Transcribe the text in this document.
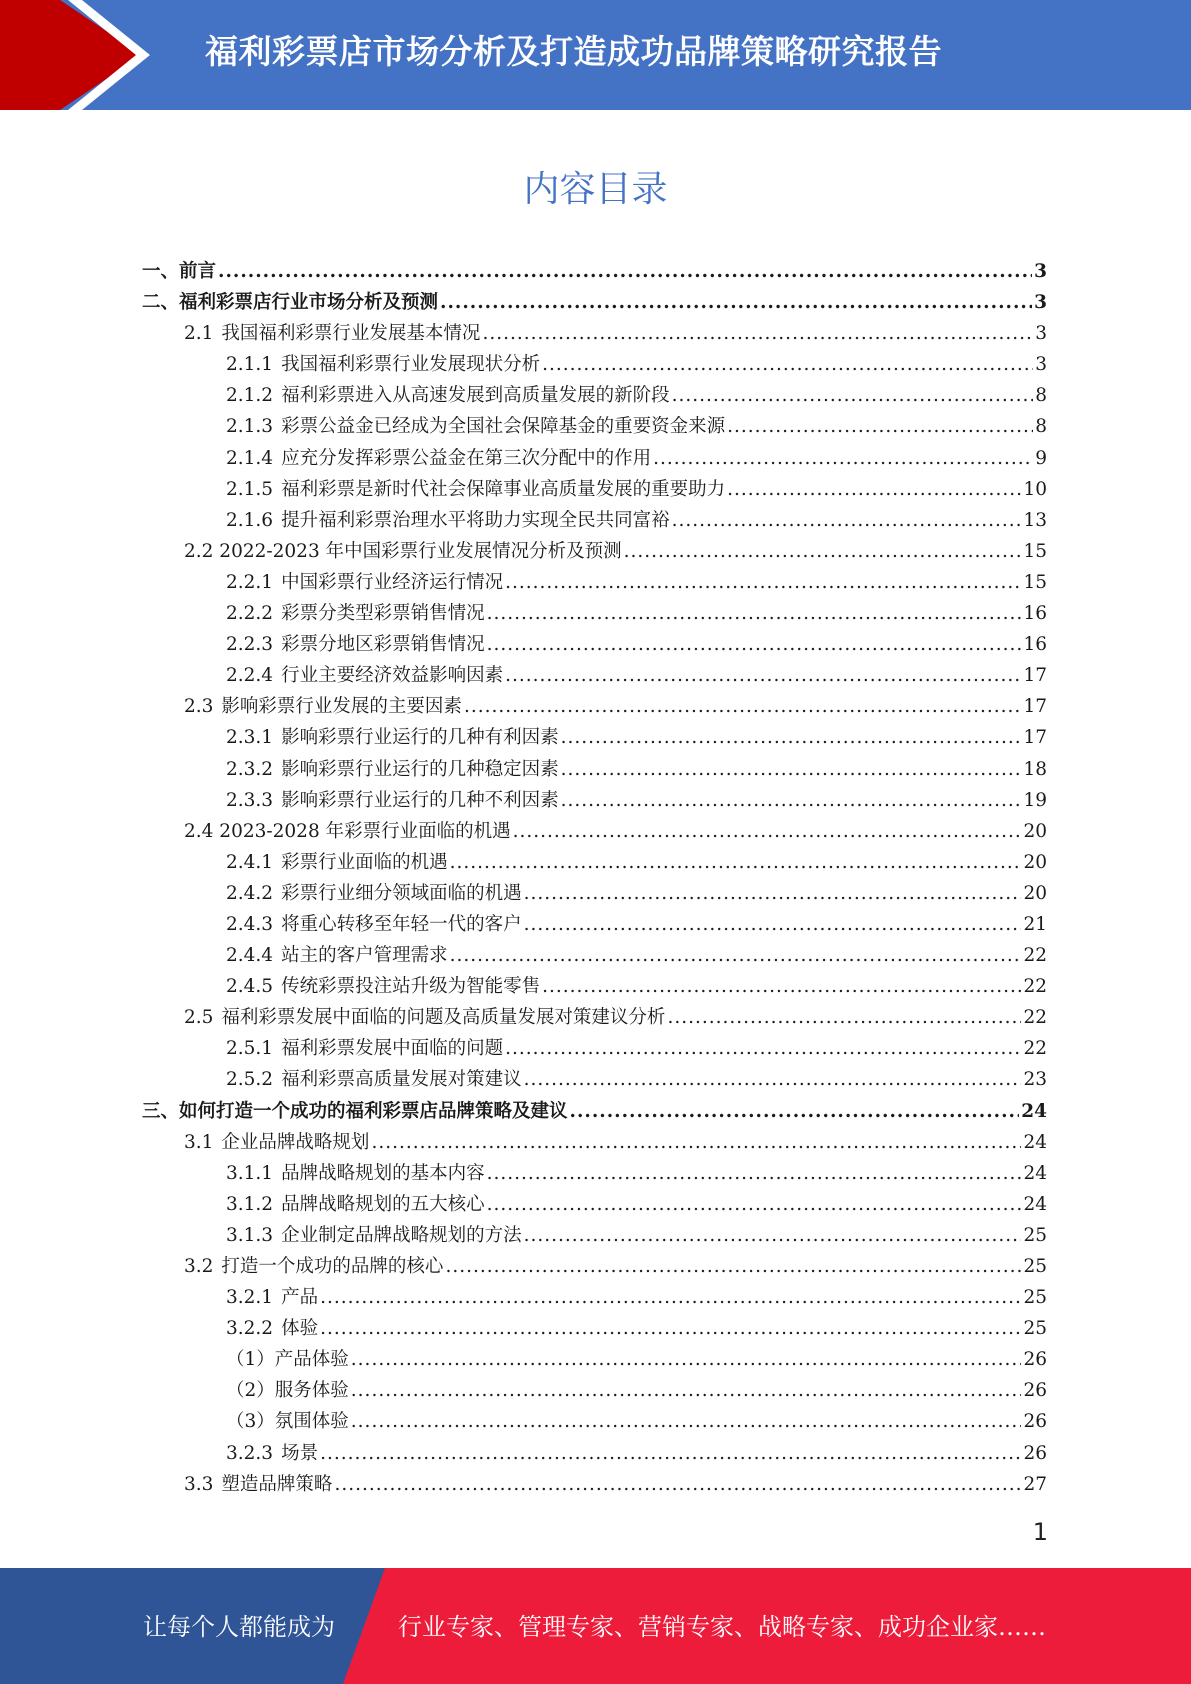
福利彩票店市场分析及打造成功品牌策略研究报告
内容目录
一、前言 .....	3
二、福利彩票店行业市场分析及预测 .....	3
2.1 我国福利彩票行业发展基本情况 .....	3
2.1.1 我国福利彩票行业发展现状分析 .....	3
2.1.2 福利彩票进入从高速发展到高质量发展的新阶段 .....	8
2.1.3 彩票公益金已经成为全国社会保障基金的重要资金来源 .....	8
2.1.4 应充分发挥彩票公益金在第三次分配中的作用 .....	9
2.1.5 福利彩票是新时代社会保障事业高质量发展的重要助力 .....	10
2.1.6 提升福利彩票治理水平将助力实现全民共同富裕 .....	13
2.2 2022-2023 年中国彩票行业发展情况分析及预测 .....	15
2.2.1 中国彩票行业经济运行情况 .....	15
2.2.2 彩票分类型彩票销售情况 .....	16
2.2.3 彩票分地区彩票销售情况 .....	16
2.2.4 行业主要经济效益影响因素 .....	17
2.3 影响彩票行业发展的主要因素 .....	17
2.3.1 影响彩票行业运行的几种有利因素 .....	17
2.3.2 影响彩票行业运行的几种稳定因素 .....	18
2.3.3 影响彩票行业运行的几种不利因素 .....	19
2.4 2023-2028 年彩票行业面临的机遇 .....	20
2.4.1 彩票行业面临的机遇 .....	20
2.4.2 彩票行业细分领域面临的机遇 .....	20
2.4.3 将重心转移至年轻一代的客户 .....	21
2.4.4 站主的客户管理需求 .....	22
2.4.5 传统彩票投注站升级为智能零售 .....	22
2.5 福利彩票发展中面临的问题及高质量发展对策建议分析 .....	22
2.5.1 福利彩票发展中面临的问题 .....	22
2.5.2 福利彩票高质量发展对策建议 .....	23
三、如何打造一个成功的福利彩票店品牌策略及建议 .....	24
3.1 企业品牌战略规划 .....	24
3.1.1 品牌战略规划的基本内容 .....	24
3.1.2 品牌战略规划的五大核心 .....	24
3.1.3 企业制定品牌战略规划的方法 .....	25
3.2 打造一个成功的品牌的核心 .....	25
3.2.1 产品 .....	25
3.2.2 体验 .....	25
（1） 产品体验 .....	26
（2） 服务体验 .....	26
（3） 氛围体验 .....	26
3.2.3 场景 .....	26
3.3 塑造品牌策略 .....	27
1
让每个人都能成为	行业专家、管理专家、营销专家、战略专家、成功企业家……
